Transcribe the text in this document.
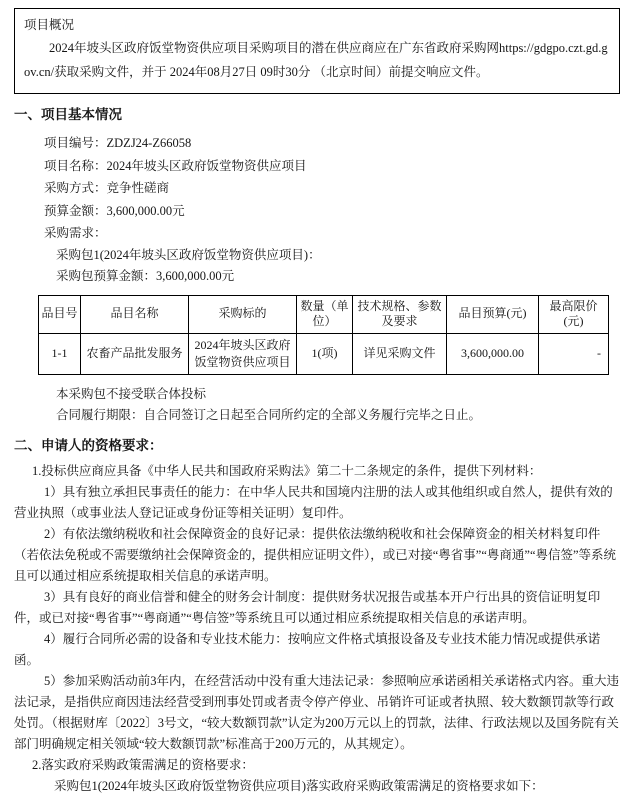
项目概况

2024年坡头区政府饭堂物资供应项目采购项目的潜在供应商应在广东省政府采购网https://gdgpo.czt.gd.gov.cn/获取采购文件，并于 2024年08月27日 09时30分 （北京时间）前提交响应文件。

一、项目基本情况
项目编号：ZDZJ24-Z66058
项目名称：2024年坡头区政府饭堂物资供应项目
采购方式：竞争性磋商
预算金额：3,600,000.00元
采购需求：
采购包1(2024年坡头区政府饭堂物资供应项目)：
采购包预算金额：3,600,000.00元
品目号	品目名称	采购标的	数量（单位）	技术规格、参数及要求	品目预算(元)	最高限价(元)
1-1	农畜产品批发服务	2024年坡头区政府饭堂物资供应项目	1(项)	详见采购文件	3,600,000.00	-
本采购包不接受联合体投标
合同履行期限：自合同签订之日起至合同所约定的全部义务履行完毕之日止。
二、申请人的资格要求：

1.投标供应商应具备《中华人民共和国政府采购法》第二十二条规定的条件，提供下列材料：

1）具有独立承担民事责任的能力：在中华人民共和国境内注册的法人或其他组织或自然人，提供有效的营业执照（或事业法人登记证或身份证等相关证明）复印件。

2）有依法缴纳税收和社会保障资金的良好记录：提供依法缴纳税收和社会保障资金的相关材料复印件（若依法免税或不需要缴纳社会保障资金的，提供相应证明文件），或已对接“粤省事”“粤商通”“粤信签”等系统且可以通过相应系统提取相关信息的承诺声明。

3）具有良好的商业信誉和健全的财务会计制度：提供财务状况报告或基本开户行出具的资信证明复印件，或已对接“粤省事”“粤商通”“粤信签”等系统且可以通过相应系统提取相关信息的承诺声明。

4）履行合同所必需的设备和专业技术能力：按响应文件格式填报设备及专业技术能力情况或提供承诺函。

5）参加采购活动前3年内，在经营活动中没有重大违法记录：参照响应承诺函相关承诺格式内容。重大违法记录，是指供应商因违法经营受到刑事处罚或者责令停产停业、吊销许可证或者执照、较大数额罚款等行政处罚。（根据财库〔2022〕3号文，“较大数额罚款”认定为200万元以上的罚款，法律、行政法规以及国务院有关部门明确规定相关领域“较大数额罚款”标准高于200万元的，从其规定）。

2.落实政府采购政策需满足的资格要求：

采购包1(2024年坡头区政府饭堂物资供应项目)落实政府采购政策需满足的资格要求如下：
